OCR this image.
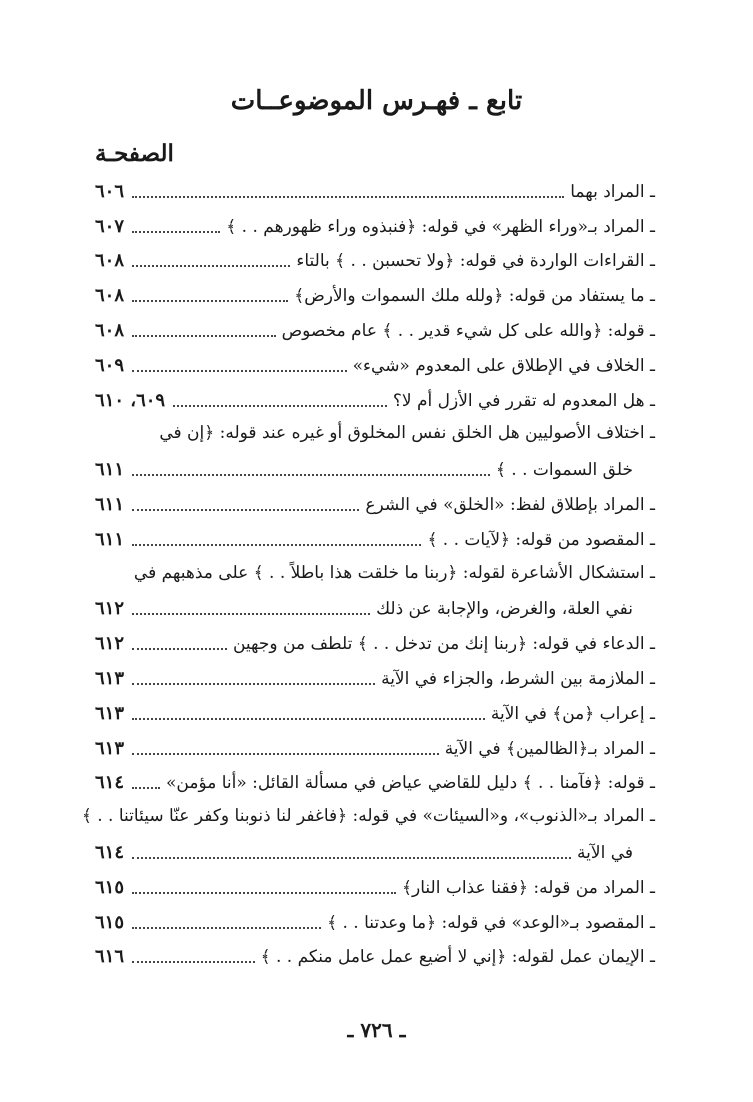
تابع ـ فهـرس الموضوعــات
الصفحـة
ـ المراد بهما
٦٠٦
ـ المراد بـ«وراء الظهر» في قوله: ﴿فنبذوه وراء ظهورهم . . ﴾
٦٠٧
ـ القراءات الواردة في قوله: ﴿ولا تحسبن . . ﴾ بالتاء
٦٠٨
ـ ما يستفاد من قوله: ﴿ولله ملك السموات والأرض﴾
٦٠٨
ـ قوله: ﴿والله على كل شيء قدير . . ﴾ عام مخصوص
٦٠٨
ـ الخلاف في الإطلاق على المعدوم «شيء»
٦٠٩
ـ هل المعدوم له تقرر في الأزل أم لا؟
٦٠٩، ٦١٠
ـ اختلاف الأصوليين هل الخلق نفس المخلوق أو غيره عند قوله: ﴿إن في
خلق السموات . . ﴾
٦١١
ـ المراد بإطلاق لفظ: «الخلق» في الشرع
٦١١
ـ المقصود من قوله: ﴿لآيات . . ﴾
٦١١
ـ استشكال الأشاعرة لقوله: ﴿ربنا ما خلقت هذا باطلاً . . ﴾ على مذهبهم في
نفي العلة، والغرض، والإجابة عن ذلك
٦١٢
ـ الدعاء في قوله: ﴿ربنا إنك من تدخل . . ﴾ تلطف من وجهين
٦١٢
ـ الملازمة بين الشرط، والجزاء في الآية
٦١٣
ـ إعراب ﴿من﴾ في الآية
٦١٣
ـ المراد بـ﴿الظالمين﴾ في الآية
٦١٣
ـ قوله: ﴿فآمنا . . ﴾ دليل للقاضي عياض في مسألة القائل: «أنا مؤمن»
٦١٤
ـ المراد بـ«الذنوب»، و«السيئات» في قوله: ﴿فاغفر لنا ذنوبنا وكفر عنّا سيئاتنا . . ﴾
في الآية
٦١٤
ـ المراد من قوله: ﴿فقنا عذاب النار﴾
٦١٥
ـ المقصود بـ«الوعد» في قوله: ﴿ما وعدتنا . . ﴾
٦١٥
ـ الإيمان عمل لقوله: ﴿إني لا أضيع عمل عامل منكم . . ﴾
٦١٦
ـ ٧٢٦ ـ
